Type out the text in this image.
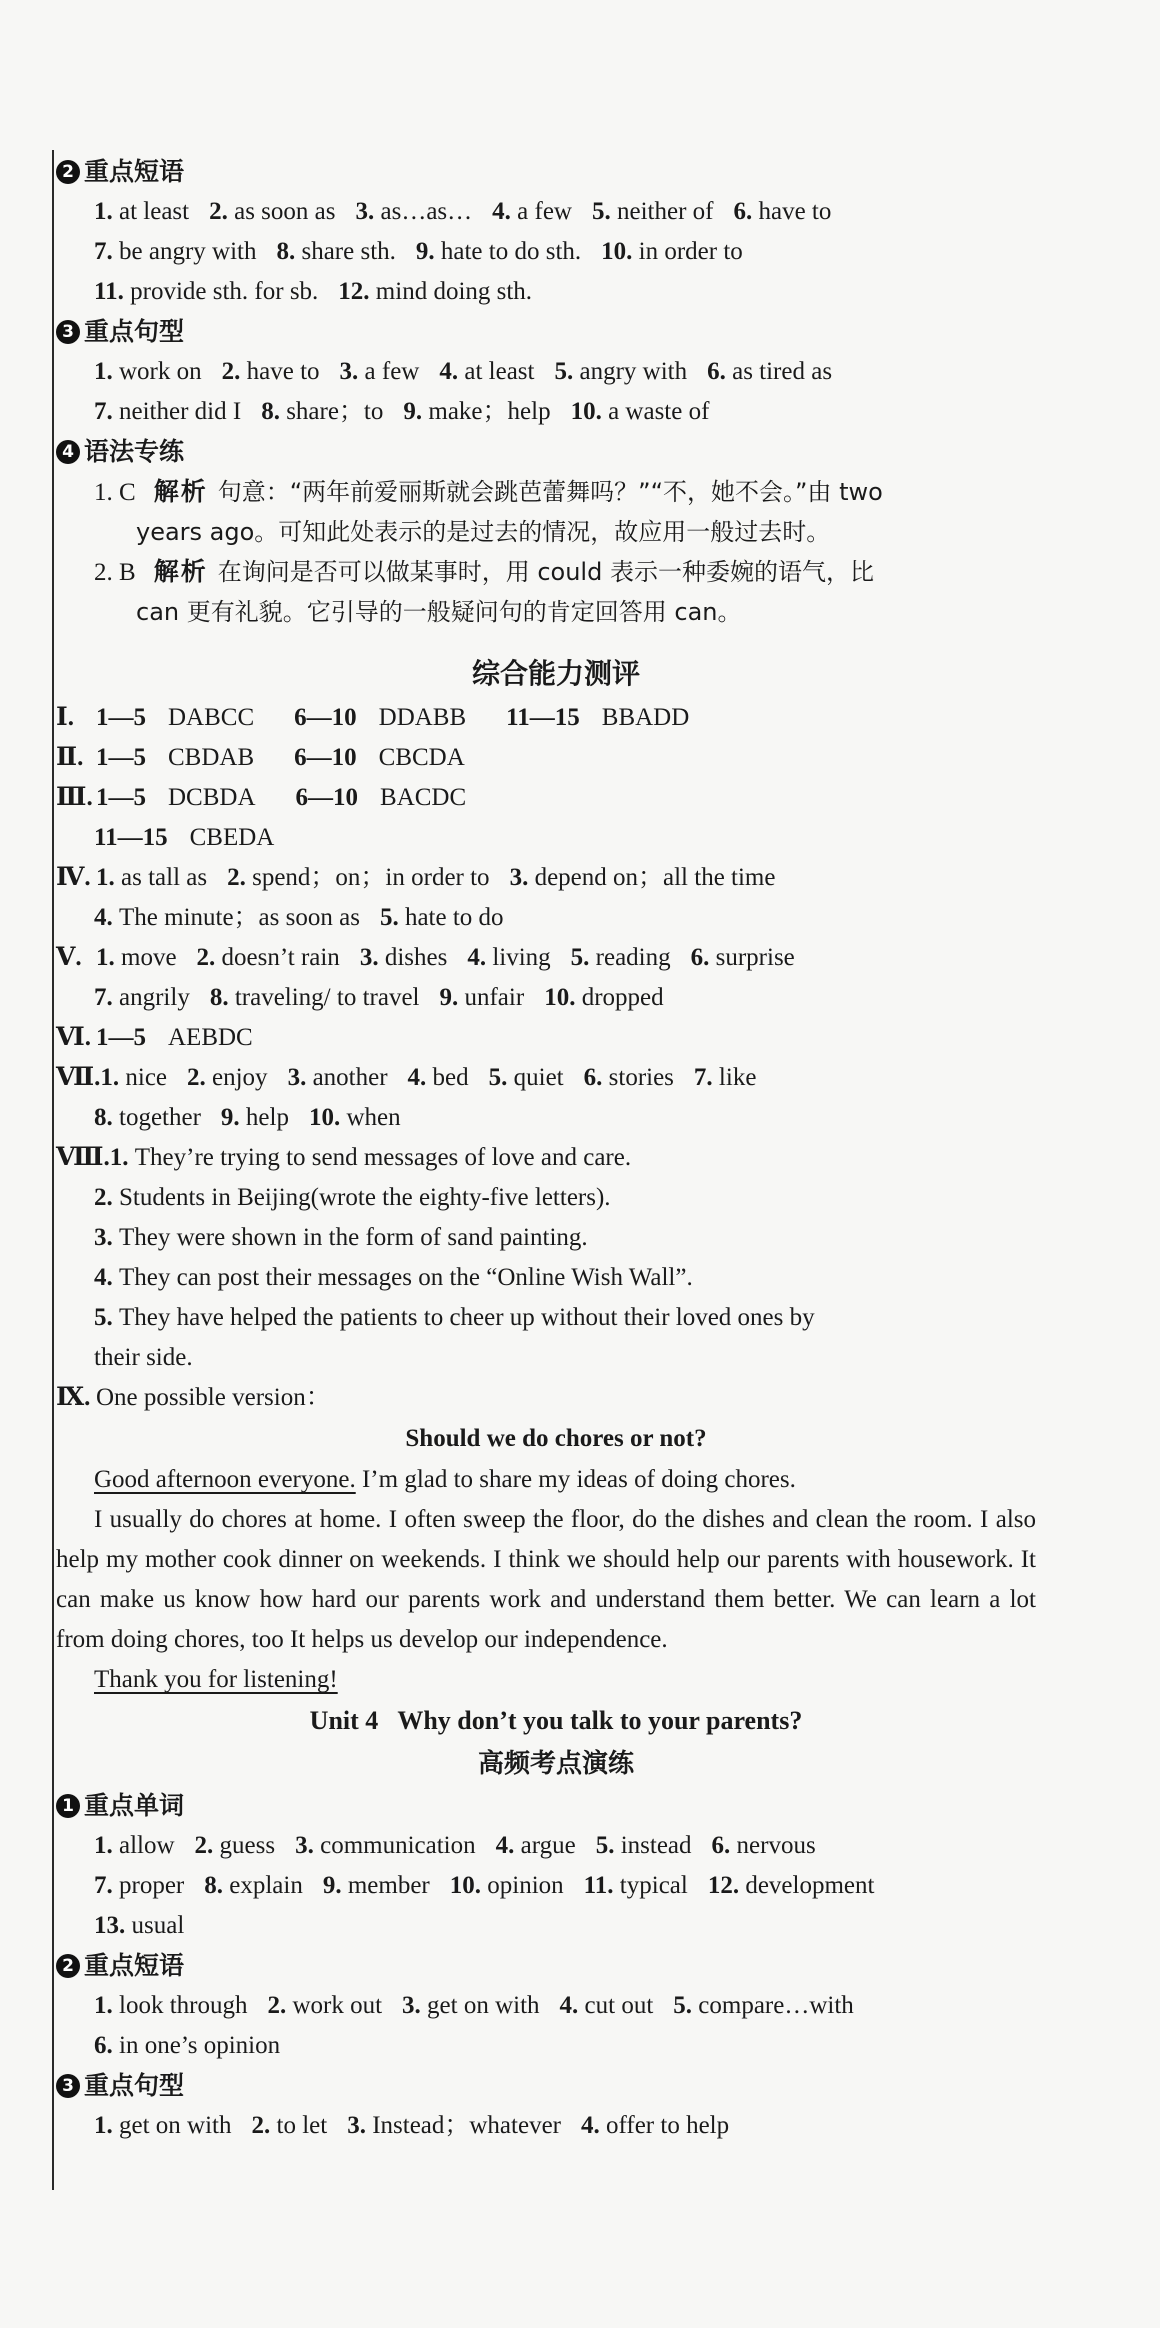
2 重点短语
1. at least 2. as soon as 3. as…as… 4. a few 5. neither of 6. have to
7. be angry with 8. share sth. 9. hate to do sth. 10. in order to
11. provide sth. for sb. 12. mind doing sth.
3 重点句型
1. work on 2. have to 3. a few 4. at least 5. angry with 6. as tired as
7. neither did I 8. share；to 9. make；help 10. a waste of
4 语法专练
1. C 解析 句意：“两年前爱丽斯就会跳芭蕾舞吗？”“不，她不会。”由 two
years ago。可知此处表示的是过去的情况，故应用一般过去时。
2. B 解析 在询问是否可以做某事时，用 could 表示一种委婉的语气，比
can 更有礼貌。它引导的一般疑问句的肯定回答用 can。
综合能力测评
Ⅰ. 1—5 DABCC 6—10 DDABB 11—15 BBADD
Ⅱ. 1—5 CBDAB 6—10 CBCDA
Ⅲ. 1—5 DCBDA 6—10 BACDC
11—15 CBEDA
Ⅳ. 1. as tall as 2. spend；on；in order to 3. depend on；all the time
4. The minute；as soon as 5. hate to do
Ⅴ. 1. move 2. doesn’t rain 3. dishes 4. living 5. reading 6. surprise
7. angrily 8. traveling/ to travel 9. unfair 10. dropped
Ⅵ. 1—5 AEBDC
Ⅶ.1. nice 2. enjoy 3. another 4. bed 5. quiet 6. stories 7. like
8. together 9. help 10. when
Ⅷ.1. They’re trying to send messages of love and care.
2. Students in Beijing(wrote the eighty-five letters).
3. They were shown in the form of sand painting.
4. They can post their messages on the “Online Wish Wall”.
5. They have helped the patients to cheer up without their loved ones by
their side.
Ⅸ. One possible version：
Should we do chores or not?
Good afternoon everyone. I’m glad to share my ideas of doing chores.
I usually do chores at home. I often sweep the floor, do the dishes and clean the room. I also help my mother cook dinner on weekends. I think we should help our parents with housework. It can make us know how hard our parents work and understand them better. We can learn a lot from doing chores, too It helps us develop our independence.
Thank you for listening!
Unit 4   Why don’t you talk to your parents?
高频考点演练
1 重点单词
1. allow 2. guess 3. communication 4. argue 5. instead 6. nervous
7. proper 8. explain 9. member 10. opinion 11. typical 12. development
13. usual
2 重点短语
1. look through 2. work out 3. get on with 4. cut out 5. compare…with
6. in one’s opinion
3 重点句型
1. get on with 2. to let 3. Instead；whatever 4. offer to help
